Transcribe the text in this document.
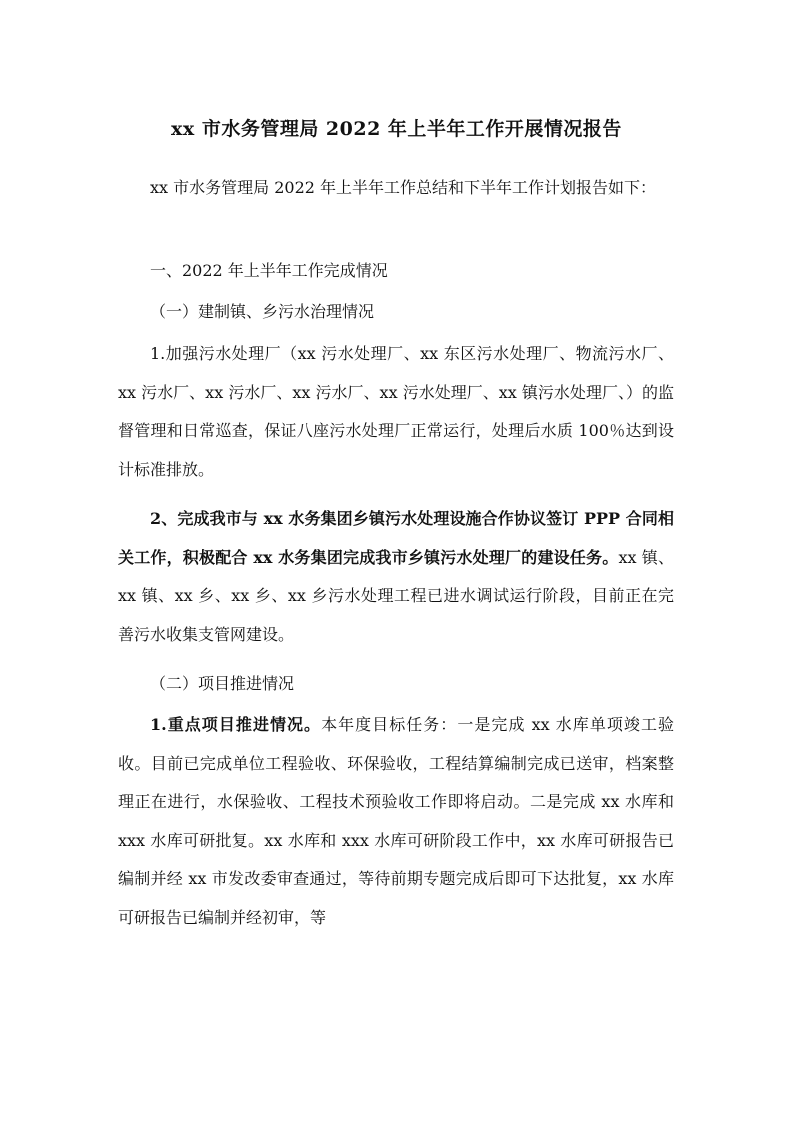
xx 市水务管理局 2022 年上半年工作开展情况报告

xx 市水务管理局 2022 年上半年工作总结和下半年工作计划报告如下：

一、2022 年上半年工作完成情况

（一）建制镇、乡污水治理情况

1.加强污水处理厂（xx 污水处理厂、xx 东区污水处理厂、物流污水厂、xx 污水厂、xx 污水厂、xx 污水厂、xx 污水处理厂、xx 镇污水处理厂、）的监督管理和日常巡查，保证八座污水处理厂正常运行，处理后水质 100％达到设计标准排放。

2、完成我市与 xx 水务集团乡镇污水处理设施合作协议签订 PPP 合同相关工作，积极配合 xx 水务集团完成我市乡镇污水处理厂的建设任务。xx 镇、xx 镇、xx 乡、xx 乡、xx 乡污水处理工程已进水调试运行阶段，目前正在完善污水收集支管网建设。

（二）项目推进情况

1.重点项目推进情况。本年度目标任务：一是完成 xx 水库单项竣工验收。目前已完成单位工程验收、环保验收，工程结算编制完成已送审，档案整理正在进行，水保验收、工程技术预验收工作即将启动。二是完成 xx 水库和 xxx 水库可研批复。xx 水库和 xxx 水库可研阶段工作中，xx 水库可研报告已编制并经 xx 市发改委审查通过，等待前期专题完成后即可下达批复，xx 水库可研报告已编制并经初审，等
